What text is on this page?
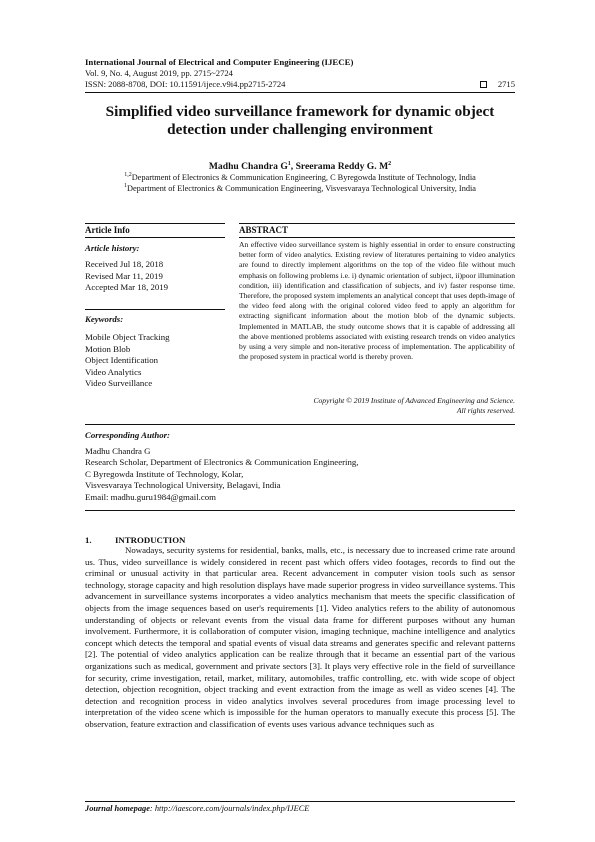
International Journal of Electrical and Computer Engineering (IJECE)
Vol. 9, No. 4, August 2019, pp. 2715~2724
ISSN: 2088-8708, DOI: 10.11591/ijece.v9i4.pp2715-2724	2715
Simplified video surveillance framework for dynamic object detection under challenging environment
Madhu Chandra $G^1$, Sreerama Reddy G. $M^2$
$^{1,2}$Department of Electronics & Communication Engineering, C Byregowda Institute of Technology, India
$^1$Department of Electronics & Communication Engineering, Visvesvaraya Technological University, India
Article Info	ABSTRACT
Article history:
Received Jul 18, 2018
Revised Mar 11, 2019
Accepted Mar 18, 2019
Keywords:
Mobile Object Tracking
Motion Blob
Object Identification
Video Analytics
Video Surveillance
An effective video surveillance system is highly essential in order to ensure constructing better form of video analytics. Existing review of literatures pertaining to video analytics are found to directly implement algorithms on the top of the video file without much emphasis on following problems i.e. i) dynamic orientation of subject, ii)poor illumination condition, iii) identification and classification of subjects, and iv) faster response time. Therefore, the proposed system implements an analytical concept that uses depth-image of the video feed along with the original colored video feed to apply an algorithm for extracting significant information about the motion blob of the dynamic subjects. Implemented in MATLAB, the study outcome shows that it is capable of addressing all the above mentioned problems associated with existing research trends on video analytics by using a very simple and non-iterative process of implementation. The applicability of the proposed system in practical world is thereby proven.
Copyright © 2019 Institute of Advanced Engineering and Science.
All rights reserved.
Corresponding Author:
Madhu Chandra G
Research Scholar, Department of Electronics & Communication Engineering,
C Byregowda Institute of Technology, Kolar,
Visvesvaraya Technological University, Belagavi, India
Email: madhu.guru1984@gmail.com
1.	INTRODUCTION

Nowadays, security systems for residential, banks, malls, etc., is necessary due to increased crime rate around us. Thus, video surveillance is widely considered in recent past which offers video footages, records to find out the criminal or unusual activity in that particular area. Recent advancement in computer vision tools such as sensor technology, storage capacity and high resolution displays have made superior progress in video surveillance systems. This advancement in surveillance systems incorporates a video analytics mechanism that meets the specific classification of objects from the image sequences based on user's requirements [1]. Video analytics refers to the ability of autonomous understanding of objects or relevant events from the visual data frame for different purposes without any human involvement. Furthermore, it is collaboration of computer vision, imaging technique, machine intelligence and analytics concept which detects the temporal and spatial events of visual data streams and generates specific and relevant patterns [2]. The potential of video analytics application can be realize through that it became an essential part of the various organizations such as medical, government and private sectors [3]. It plays very effective role in the field of surveillance for security, crime investigation, retail, market, military, automobiles, traffic controlling, etc. with wide scope of object detection, objection recognition, object tracking and event extraction from the image as well as video scenes [4]. The detection and recognition process in video analytics involves several procedures from image processing level to interpretation of the video scene which is impossible for the human operators to manually execute this process [5]. The observation, feature extraction and classification of events uses various advance techniques such as

Journal homepage: http://iaescore.com/journals/index.php/IJECE
